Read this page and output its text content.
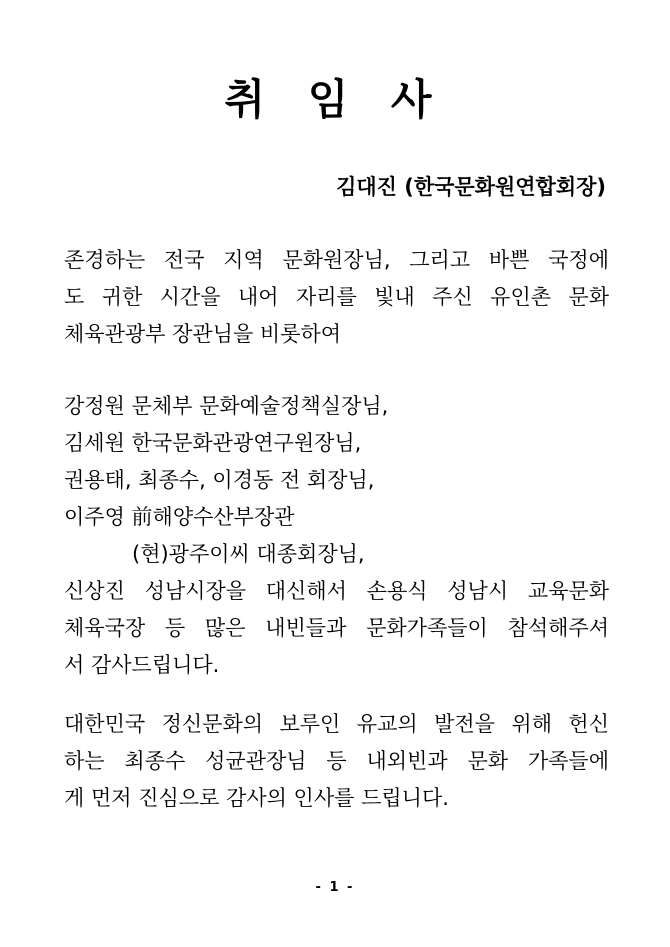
취 임 사
김대진 (한국문화원연합회장)
존경하는 전국 지역 문화원장님, 그리고 바쁜 국정에
도 귀한 시간을 내어 자리를 빛내 주신 유인촌 문화
체육관광부 장관님을 비롯하여
강정원 문체부 문화예술정책실장님,
김세원 한국문화관광연구원장님,
권용태, 최종수, 이경동 전 회장님,
이주영 前해양수산부장관
(현)광주이씨 대종회장님,
신상진 성남시장을 대신해서 손용식 성남시 교육문화
체육국장 등 많은 내빈들과 문화가족들이 참석해주셔
서 감사드립니다.
대한민국 정신문화의 보루인 유교의 발전을 위해 헌신
하는 최종수 성균관장님 등 내외빈과 문화 가족들에
게 먼저 진심으로 감사의 인사를 드립니다.
- 1 -
